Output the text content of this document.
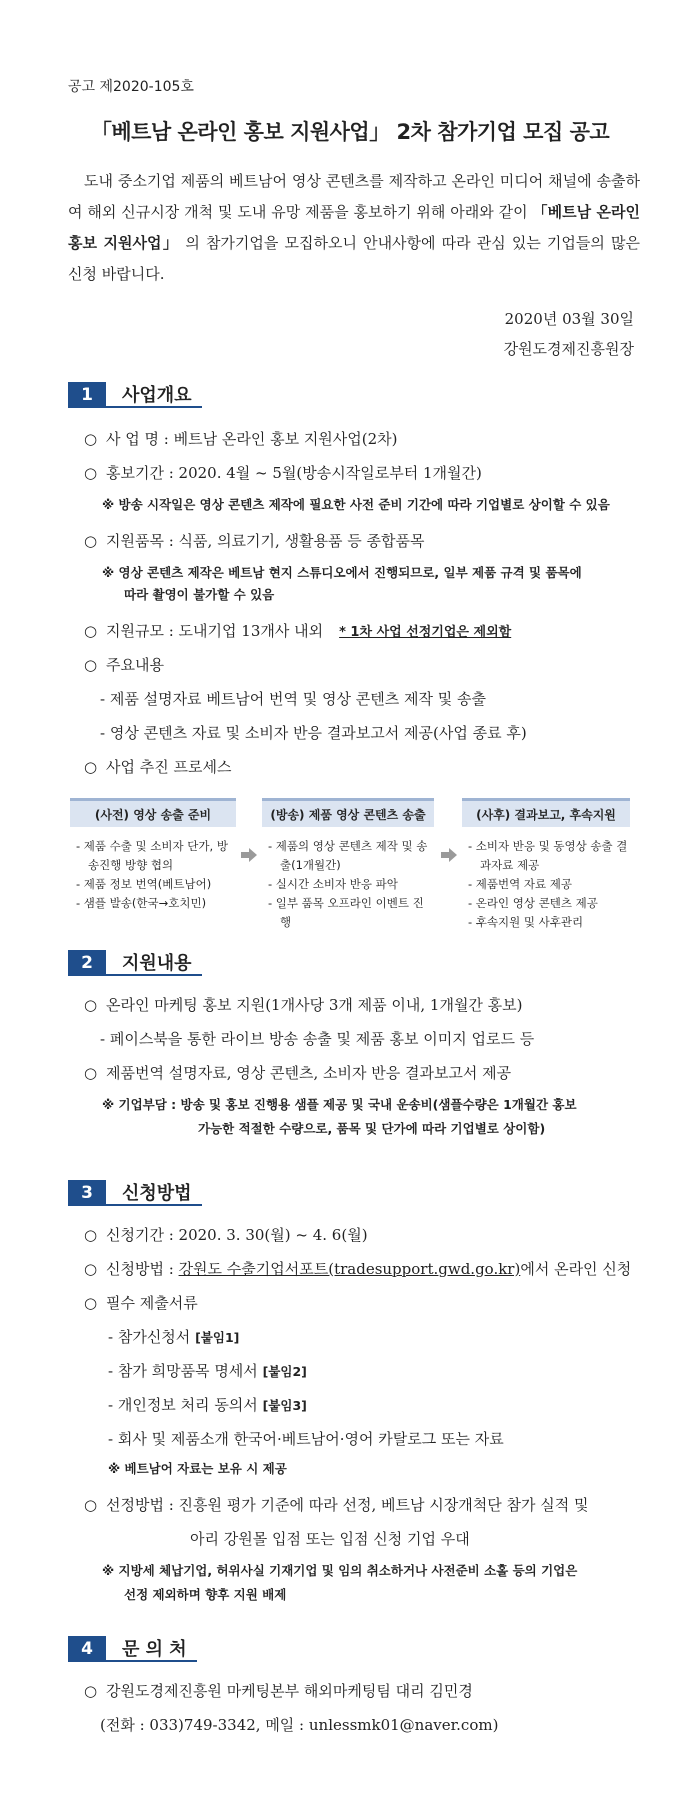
공고 제2020-105호
「베트남 온라인 홍보 지원사업」 2차 참가기업 모집 공고
도내 중소기업 제품의 베트남어 영상 콘텐츠를 제작하고 온라인 미디어 채널에 송출하여 해외 신규시장 개척 및 도내 유망 제품을 홍보하기 위해 아래와 같이 「베트남 온라인 홍보 지원사업」 의 참가기업을 모집하오니 안내사항에 따라 관심 있는 기업들의 많은 신청 바랍니다.
2020년 03월 30일
강원도경제진흥원장
1	사업개요
○ 사 업 명 : 베트남 온라인 홍보 지원사업(2차)
○ 홍보기간 : 2020. 4월 ~ 5월(방송시작일로부터 1개월간)
※ 방송 시작일은 영상 콘텐츠 제작에 필요한 사전 준비 기간에 따라 기업별로 상이할 수 있음
○ 지원품목 : 식품, 의료기기, 생활용품 등 종합품목
※ 영상 콘텐츠 제작은 베트남 현지 스튜디오에서 진행되므로, 일부 제품 규격 및 품목에
따라 촬영이 불가할 수 있음
○ 지원규모 : 도내기업 13개사 내외 * 1차 사업 선정기업은 제외함
○ 주요내용
- 제품 설명자료 베트남어 번역 및 영상 콘텐츠 제작 및 송출
- 영상 콘텐츠 자료 및 소비자 반응 결과보고서 제공(사업 종료 후)
○ 사업 추진 프로세스
(사전) 영상 송출 준비
- 제품 수출 및 소비자 단가, 방송진행 방향 협의
- 제품 정보 번역(베트남어)
- 샘플 발송(한국→호치민)
(방송) 제품 영상 콘텐츠 송출
- 제품의 영상 콘텐츠 제작 및 송출(1개월간)
- 실시간 소비자 반응 파악
- 일부 품목 오프라인 이벤트 진행
(사후) 결과보고, 후속지원
- 소비자 반응 및 동영상 송출 결과자료 제공
- 제품번역 자료 제공
- 온라인 영상 콘텐츠 제공
- 후속지원 및 사후관리
2	지원내용
○ 온라인 마케팅 홍보 지원(1개사당 3개 제품 이내, 1개월간 홍보)
- 페이스북을 통한 라이브 방송 송출 및 제품 홍보 이미지 업로드 등
○ 제품번역 설명자료, 영상 콘텐츠, 소비자 반응 결과보고서 제공
※ 기업부담 : 방송 및 홍보 진행용 샘플 제공 및 국내 운송비(샘플수량은 1개월간 홍보
가능한 적절한 수량으로, 품목 및 단가에 따라 기업별로 상이함)
3	신청방법
○ 신청기간 : 2020. 3. 30(월) ~ 4. 6(월)
○ 신청방법 : 강원도 수출기업서포트(tradesupport.gwd.go.kr)에서 온라인 신청
○ 필수 제출서류
- 참가신청서 [붙임1]
- 참가 희망품목 명세서 [붙임2]
- 개인정보 처리 동의서 [붙임3]
- 회사 및 제품소개 한국어·베트남어·영어 카탈로그 또는 자료
※ 베트남어 자료는 보유 시 제공
○ 선정방법 : 진흥원 평가 기준에 따라 선정, 베트남 시장개척단 참가 실적 및
아리 강원몰 입점 또는 입점 신청 기업 우대
※ 지방세 체납기업, 허위사실 기재기업 및 임의 취소하거나 사전준비 소홀 등의 기업은
선정 제외하며 향후 지원 배제
4	문 의 처
○ 강원도경제진흥원 마케팅본부 해외마케팅팀 대리 김민경
(전화 : 033)749-3342, 메일 : unlessmk01@naver.com)
